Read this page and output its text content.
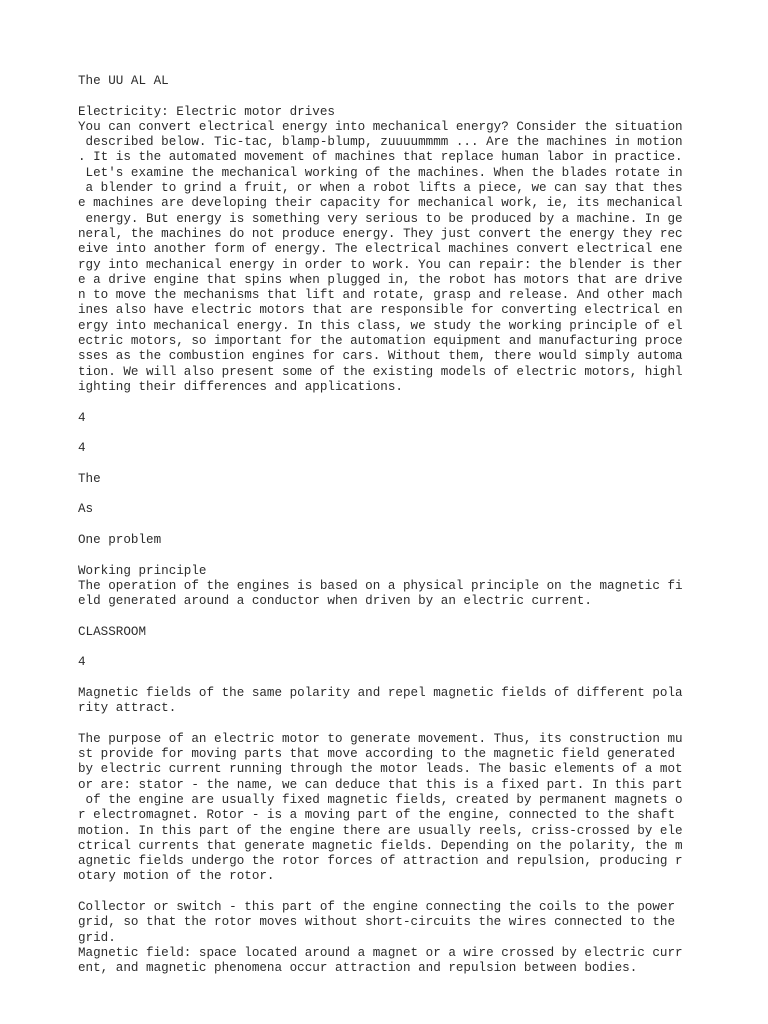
The UU AL AL
Electricity: Electric motor drives
You can convert electrical energy into mechanical energy? Consider the situation
described below. Tic-tac, blamp-blump, zuuuummmm ... Are the machines in motion
. It is the automated movement of machines that replace human labor in practice.
Let's examine the mechanical working of the machines. When the blades rotate in
a blender to grind a fruit, or when a robot lifts a piece, we can say that thes
e machines are developing their capacity for mechanical work, ie, its mechanical
energy. But energy is something very serious to be produced by a machine. In ge
neral, the machines do not produce energy. They just convert the energy they rec
eive into another form of energy. The electrical machines convert electrical ene
rgy into mechanical energy in order to work. You can repair: the blender is ther
e a drive engine that spins when plugged in, the robot has motors that are drive
n to move the mechanisms that lift and rotate, grasp and release. And other mach
ines also have electric motors that are responsible for converting electrical en
ergy into mechanical energy. In this class, we study the working principle of el
ectric motors, so important for the automation equipment and manufacturing proce
sses as the combustion engines for cars. Without them, there would simply automa
tion. We will also present some of the existing models of electric motors, highl
ighting their differences and applications.
4
4
The
As
One problem
Working principle
The operation of the engines is based on a physical principle on the magnetic fi
eld generated around a conductor when driven by an electric current.
CLASSROOM
4
Magnetic fields of the same polarity and repel magnetic fields of different pola
rity attract.
The purpose of an electric motor to generate movement. Thus, its construction mu
st provide for moving parts that move according to the magnetic field generated
by electric current running through the motor leads. The basic elements of a mot
or are: stator - the name, we can deduce that this is a fixed part. In this part
of the engine are usually fixed magnetic fields, created by permanent magnets o
r electromagnet. Rotor - is a moving part of the engine, connected to the shaft
motion. In this part of the engine there are usually reels, criss-crossed by ele
ctrical currents that generate magnetic fields. Depending on the polarity, the m
agnetic fields undergo the rotor forces of attraction and repulsion, producing r
otary motion of the rotor.
Collector or switch - this part of the engine connecting the coils to the power
grid, so that the rotor moves without short-circuits the wires connected to the
grid.
Magnetic field: space located around a magnet or a wire crossed by electric curr
ent, and magnetic phenomena occur attraction and repulsion between bodies.
